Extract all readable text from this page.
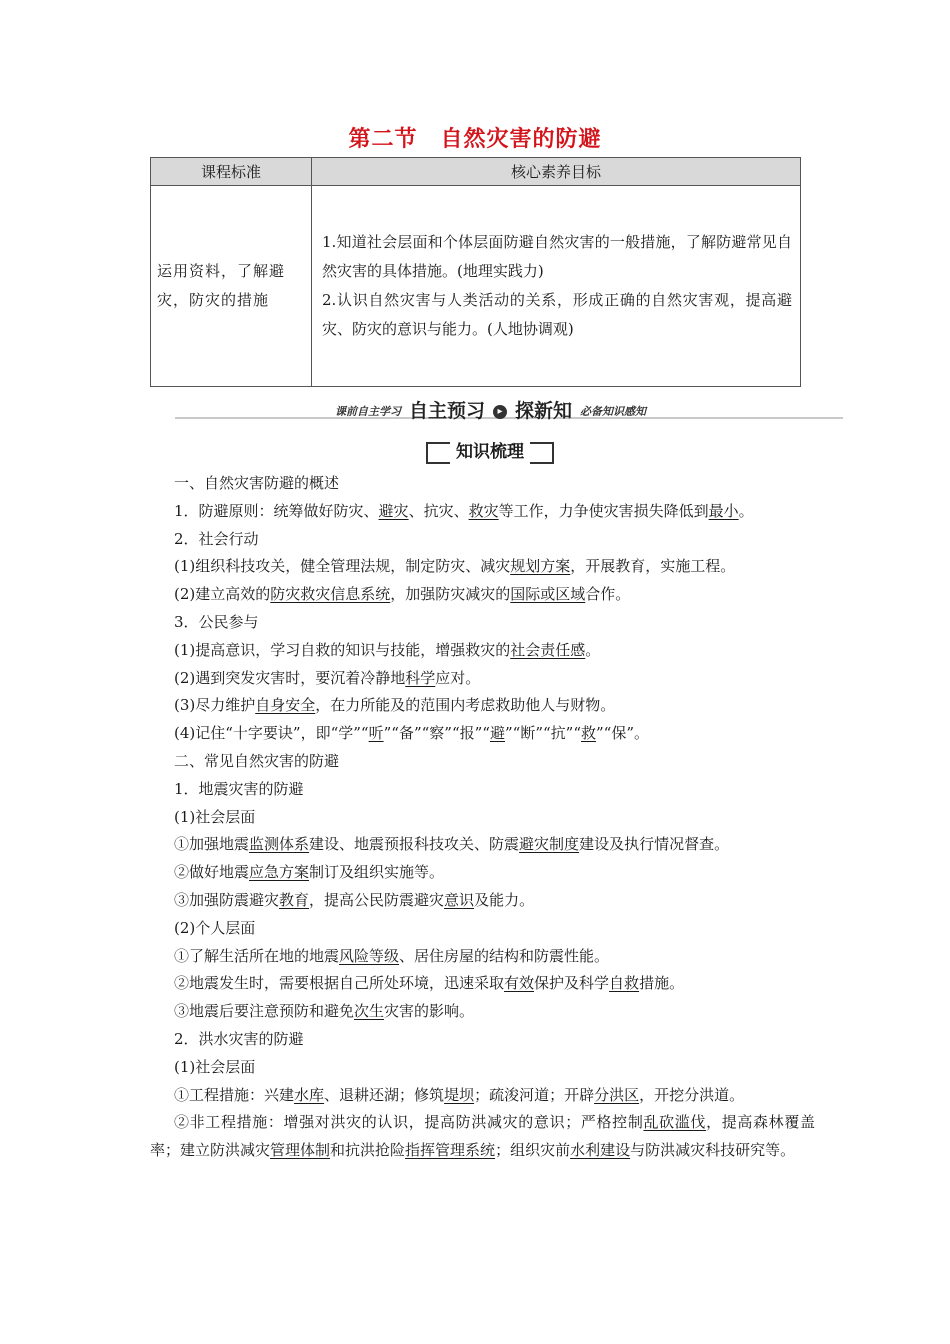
第二节　自然灾害的防避
课程标准	核心素养目标
运用资料，了解避灾，防灾的措施	1.知道社会层面和个体层面防避自然灾害的一般措施，了解防避常见自然灾害的具体措施。(地理实践力)
2.认识自然灾害与人类活动的关系，形成正确的自然灾害观，提高避灾、防灾的意识与能力。(人地协调观)
课前自主学习 自主预习	▸ 探新知 必备知识感知
知识梳理

一、自然灾害防避的概述

1．防避原则：统筹做好防灾、避灾、抗灾、救灾等工作，力争使灾害损失降低到最小。

2．社会行动

(1)组织科技攻关，健全管理法规，制定防灾、减灾规划方案，开展教育，实施工程。

(2)建立高效的防灾救灾信息系统，加强防灾减灾的国际或区域合作。

3．公民参与

(1)提高意识，学习自救的知识与技能，增强救灾的社会责任感。

(2)遇到突发灾害时，要沉着冷静地科学应对。

(3)尽力维护自身安全，在力所能及的范围内考虑救助他人与财物。

(4)记住“十字要诀”，即“学”“听”“备”“察”“报”“避”“断”“抗”“救”“保”。

二、常见自然灾害的防避

1．地震灾害的防避

(1)社会层面

①加强地震监测体系建设、地震预报科技攻关、防震避灾制度建设及执行情况督查。

②做好地震应急方案制订及组织实施等。

③加强防震避灾教育，提高公民防震避灾意识及能力。

(2)个人层面

①了解生活所在地的地震风险等级、居住房屋的结构和防震性能。

②地震发生时，需要根据自己所处环境，迅速采取有效保护及科学自救措施。

③地震后要注意预防和避免次生灾害的影响。

2．洪水灾害的防避

(1)社会层面

①工程措施：兴建水库、退耕还湖；修筑堤坝；疏浚河道；开辟分洪区，开挖分洪道。

②非工程措施：增强对洪灾的认识，提高防洪减灾的意识；严格控制乱砍滥伐，提高森林覆盖率；建立防洪减灾管理体制和抗洪抢险指挥管理系统；组织灾前水利建设与防洪减灾科技研究等。
